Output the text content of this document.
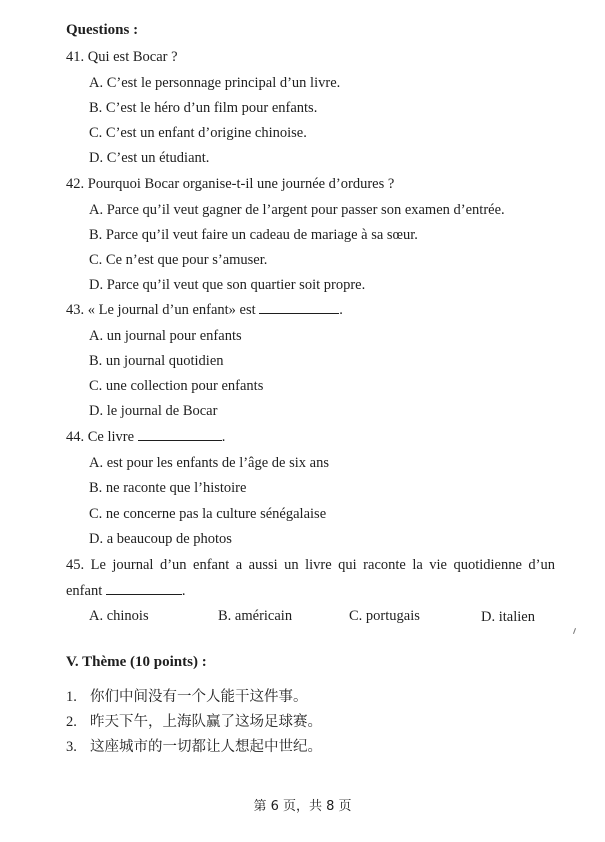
Questions :
41. Qui est Bocar ?
A. C’est le personnage principal d’un livre.
B. C’est le héro d’un film pour enfants.
C. C’est un enfant d’origine chinoise.
D. C’est un étudiant.
42. Pourquoi Bocar organise-t-il une journée d’ordures ?
A. Parce qu’il veut gagner de l’argent pour passer son examen d’entrée.
B. Parce qu’il veut faire un cadeau de mariage à sa sœur.
C. Ce n’est que pour s’amuser.
D. Parce qu’il veut que son quartier soit propre.
43. « Le journal d’un enfant» est	.
A. un journal pour enfants
B. un journal quotidien
C. une collection pour enfants
D. le journal de Bocar
44. Ce livre	.
A. est pour les enfants de l’âge de six ans
B. ne raconte que l’histoire
C. ne concerne pas la culture sénégalaise
D. a beaucoup de photos
45. Le journal d’un enfant a aussi un livre qui raconte la vie quotidienne d’un
enfant	.
A. chinois	B. américain	C. portugais	D. italien
V. Thème (10 points) :
1. 你们中间没有一个人能干这件事。
2. 昨天下午，上海队赢了这场足球赛。
3. 这座城市的一切都让人想起中世纪。
第 6 页，共 8 页
